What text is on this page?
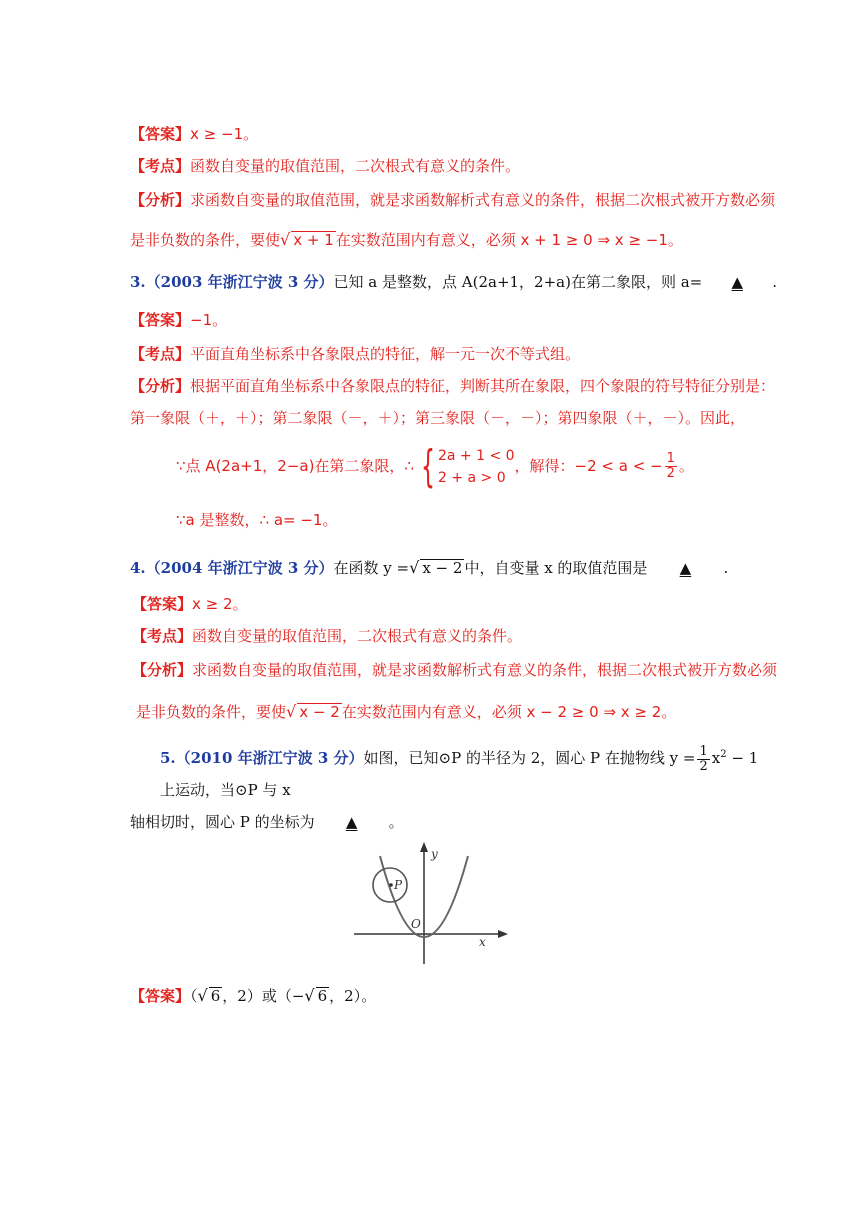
【答案】x ≥ −1。
【考点】函数自变量的取值范围，二次根式有意义的条件。
【分析】求函数自变量的取值范围，就是求函数解析式有意义的条件，根据二次根式被开方数必须
是非负数的条件，要使√ x + 1 在实数范围内有意义，必须 x + 1 ≥ 0 ⇒ x ≥ −1。
3.（2003 年浙江宁波 3 分）已知 a 是整数，点 A(2a+1，2+a)在第二象限，则 a= ▲ .
【答案】−1。
【考点】平面直角坐标系中各象限点的特征，解一元一次不等式组。
【分析】根据平面直角坐标系中各象限点的特征，判断其所在象限，四个象限的符号特征分别是：
第一象限（＋，＋）；第二象限（－，＋）；第三象限（－，－）；第四象限（＋，－）。因此，
∵点 A(2a+1，2−a)在第二象限，∴ { 2a + 1 < 0
2 + a > 0
，解得：−2 < a < − $\frac{1}{2}$ 。
∵a 是整数，∴ a= −1。
4.（2004 年浙江宁波 3 分）在函数 y =√ x − 2 中，自变量 x 的取值范围是 ▲ .
【答案】x ≥ 2。
【考点】函数自变量的取值范围，二次根式有意义的条件。
【分析】求函数自变量的取值范围，就是求函数解析式有意义的条件，根据二次根式被开方数必须
是非负数的条件，要使√ x − 2 在实数范围内有意义，必须 x − 2 ≥ 0 ⇒ x ≥ 2。
5.（2010 年浙江宁波 3 分）如图，已知⊙P 的半径为 2，圆心 P 在抛物线 $y = \frac{1}{2} x^2 - 1$
上运动，当⊙P 与 x
轴相切时，圆心 P 的坐标为 ▲ 。
P
O
y
x
【答案】（√ 6 ，2）或（−√ 6 ，2）。
